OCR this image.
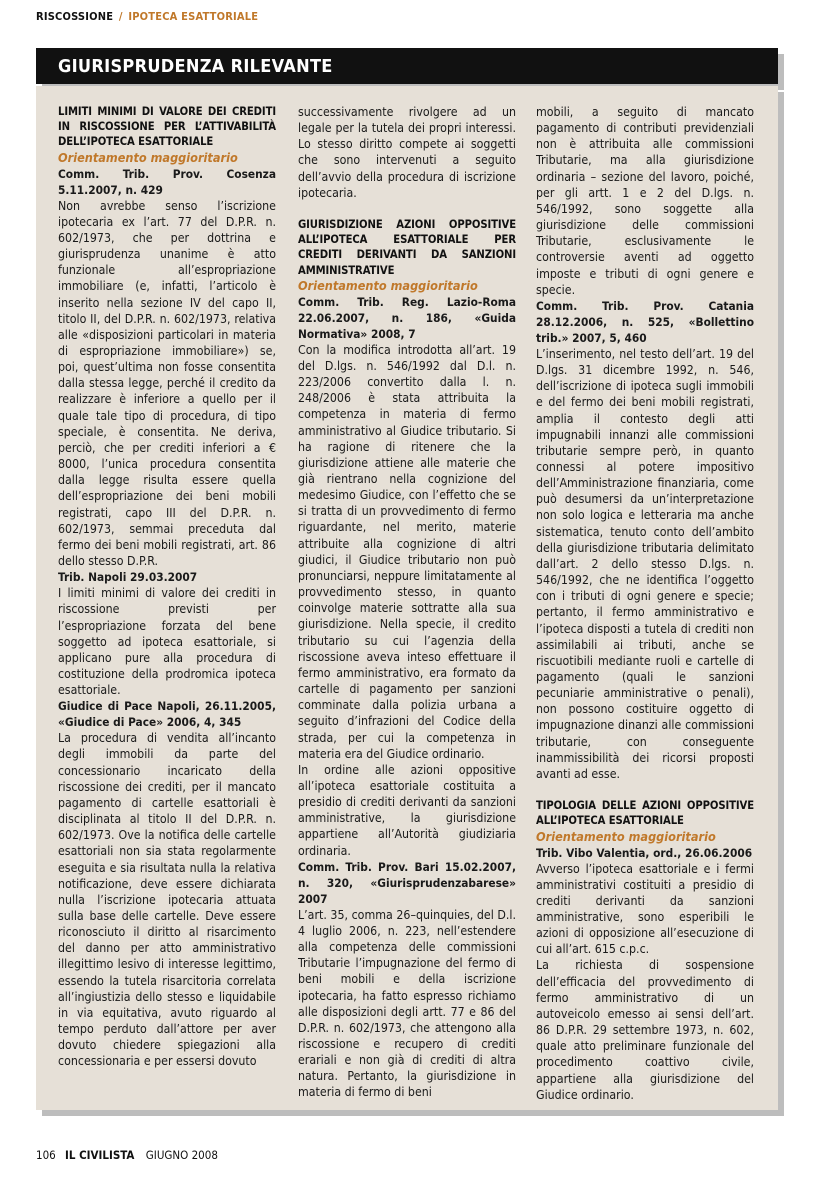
RISCOSSIONE / IPOTECA ESATTORIALE
GIURISPRUDENZA RILEVANTE

LIMITI MINIMI DI VALORE DEI CREDITI IN RISCOSSIONE PER L’ATTIVABILITÀ DELL’IPOTECA ESATTORIALE

Orientamento maggioritario

Comm. Trib. Prov. Cosenza 5.11.2007, n. 429

Non avrebbe senso l’iscrizione ipotecaria ex l’art. 77 del D.P.R. n. 602/1973, che per dottrina e giurisprudenza unanime è atto funzionale all’espropriazione immobiliare (e, infatti, l’articolo è inserito nella sezione IV del capo II, titolo II, del D.P.R. n. 602/1973, relativa alle «disposizioni particolari in materia di espropriazione immobiliare») se, poi, quest’ultima non fosse consentita dalla stessa legge, perché il credito da realizzare è inferiore a quello per il quale tale tipo di procedura, di tipo speciale, è consentita. Ne deriva, perciò, che per crediti inferiori a € 8000, l’unica procedura consentita dalla legge risulta essere quella dell’espropriazione dei beni mobili registrati, capo III del D.P.R. n. 602/1973, semmai preceduta dal fermo dei beni mobili registrati, art. 86 dello stesso D.P.R.

Trib. Napoli 29.03.2007

I limiti minimi di valore dei crediti in riscossione previsti per l’espropriazione forzata del bene soggetto ad ipoteca esattoriale, si applicano pure alla procedura di costituzione della prodromica ipoteca esattoriale.

Giudice di Pace Napoli, 26.11.2005, «Giudice di Pace» 2006, 4, 345

La procedura di vendita all’incanto degli immobili da parte del concessionario incaricato della riscossione dei crediti, per il mancato pagamento di cartelle esattoriali è disciplinata al titolo II del D.P.R. n. 602/1973. Ove la notifica delle cartelle esattoriali non sia stata regolarmente eseguita e sia risultata nulla la relativa notificazione, deve essere dichiarata nulla l’iscrizione ipotecaria attuata sulla base delle cartelle. Deve essere riconosciuto il diritto al risarcimento del danno per atto amministrativo illegittimo lesivo di interesse legittimo, essendo la tutela risarcitoria correlata all’ingiustizia dello stesso e liquidabile in via equitativa, avuto riguardo al tempo perduto dall’attore per aver dovuto chiedere spiegazioni alla concessionaria e per essersi dovuto

successivamente rivolgere ad un legale per la tutela dei propri interessi. Lo stesso diritto compete ai soggetti che sono intervenuti a seguito dell’avvio della procedura di iscrizione ipotecaria.

GIURISDIZIONE AZIONI OPPOSITIVE ALL’IPOTECA ESATTORIALE PER CREDITI DERIVANTI DA SANZIONI AMMINISTRATIVE

Orientamento maggioritario

Comm. Trib. Reg. Lazio-Roma 22.06.2007, n. 186, «Guida Normativa» 2008, 7

Con la modifica introdotta all’art. 19 del D.lgs. n. 546/1992 dal D.l. n. 223/2006 convertito dalla l. n. 248/2006 è stata attribuita la competenza in materia di fermo amministrativo al Giudice tributario. Si ha ragione di ritenere che la giurisdizione attiene alle materie che già rientrano nella cognizione del medesimo Giudice, con l’effetto che se si tratta di un provvedimento di fermo riguardante, nel merito, materie attribuite alla cognizione di altri giudici, il Giudice tributario non può pronunciarsi, neppure limitatamente al provvedimento stesso, in quanto coinvolge materie sottratte alla sua giurisdizione. Nella specie, il credito tributario su cui l’agenzia della riscossione aveva inteso effettuare il fermo amministrativo, era formato da cartelle di pagamento per sanzioni comminate dalla polizia urbana a seguito d’infrazioni del Codice della strada, per cui la competenza in materia era del Giudice ordinario.

In ordine alle azioni oppositive all’ipoteca esattoriale costituita a presidio di crediti derivanti da sanzioni amministrative, la giurisdizione appartiene all’Autorità giudiziaria ordinaria.

Comm. Trib. Prov. Bari 15.02.2007, n. 320, «Giurisprudenzabarese» 2007

L’art. 35, comma 26–quinquies, del D.l. 4 luglio 2006, n. 223, nell’estendere alla competenza delle commissioni Tributarie l’impugnazione del fermo di beni mobili e della iscrizione ipotecaria, ha fatto espresso richiamo alle disposizioni degli artt. 77 e 86 del D.P.R. n. 602/1973, che attengono alla riscossione e recupero di crediti erariali e non già di crediti di altra natura. Pertanto, la giurisdizione in materia di fermo di beni

mobili, a seguito di mancato pagamento di contributi previdenziali non è attribuita alle commissioni Tributarie, ma alla giurisdizione ordinaria – sezione del lavoro, poiché, per gli artt. 1 e 2 del D.lgs. n. 546/1992, sono soggette alla giurisdizione delle commissioni Tributarie, esclusivamente le controversie aventi ad oggetto imposte e tributi di ogni genere e specie.

Comm. Trib. Prov. Catania 28.12.2006, n. 525, «Bollettino trib.» 2007, 5, 460

L’inserimento, nel testo dell’art. 19 del D.lgs. 31 dicembre 1992, n. 546, dell’iscrizione di ipoteca sugli immobili e del fermo dei beni mobili registrati, amplia il contesto degli atti impugnabili innanzi alle commissioni tributarie sempre però, in quanto connessi al potere impositivo dell’Amministrazione finanziaria, come può desumersi da un’interpretazione non solo logica e letteraria ma anche sistematica, tenuto conto dell’ambito della giurisdizione tributaria delimitato dall’art. 2 dello stesso D.lgs. n. 546/1992, che ne identifica l’oggetto con i tributi di ogni genere e specie; pertanto, il fermo amministrativo e l’ipoteca disposti a tutela di crediti non assimilabili ai tributi, anche se riscuotibili mediante ruoli e cartelle di pagamento (quali le sanzioni pecuniarie amministrative o penali), non possono costituire oggetto di impugnazione dinanzi alle commissioni tributarie, con conseguente inammissibilità dei ricorsi proposti avanti ad esse.

TIPOLOGIA DELLE AZIONI OPPOSITIVE ALL’IPOTECA ESATTORIALE

Orientamento maggioritario

Trib. Vibo Valentia, ord., 26.06.2006

Avverso l’ipoteca esattoriale e i fermi amministrativi costituiti a presidio di crediti derivanti da sanzioni amministrative, sono esperibili le azioni di opposizione all’esecuzione di cui all’art. 615 c.p.c.

La richiesta di sospensione dell’efficacia del provvedimento di fermo amministrativo di un autoveicolo emesso ai sensi dell’art. 86 D.P.R. 29 settembre 1973, n. 602, quale atto preliminare funzionale del procedimento coattivo civile, appartiene alla giurisdizione del Giudice ordinario.

106 IL CIVILISTA GIUGNO 2008
